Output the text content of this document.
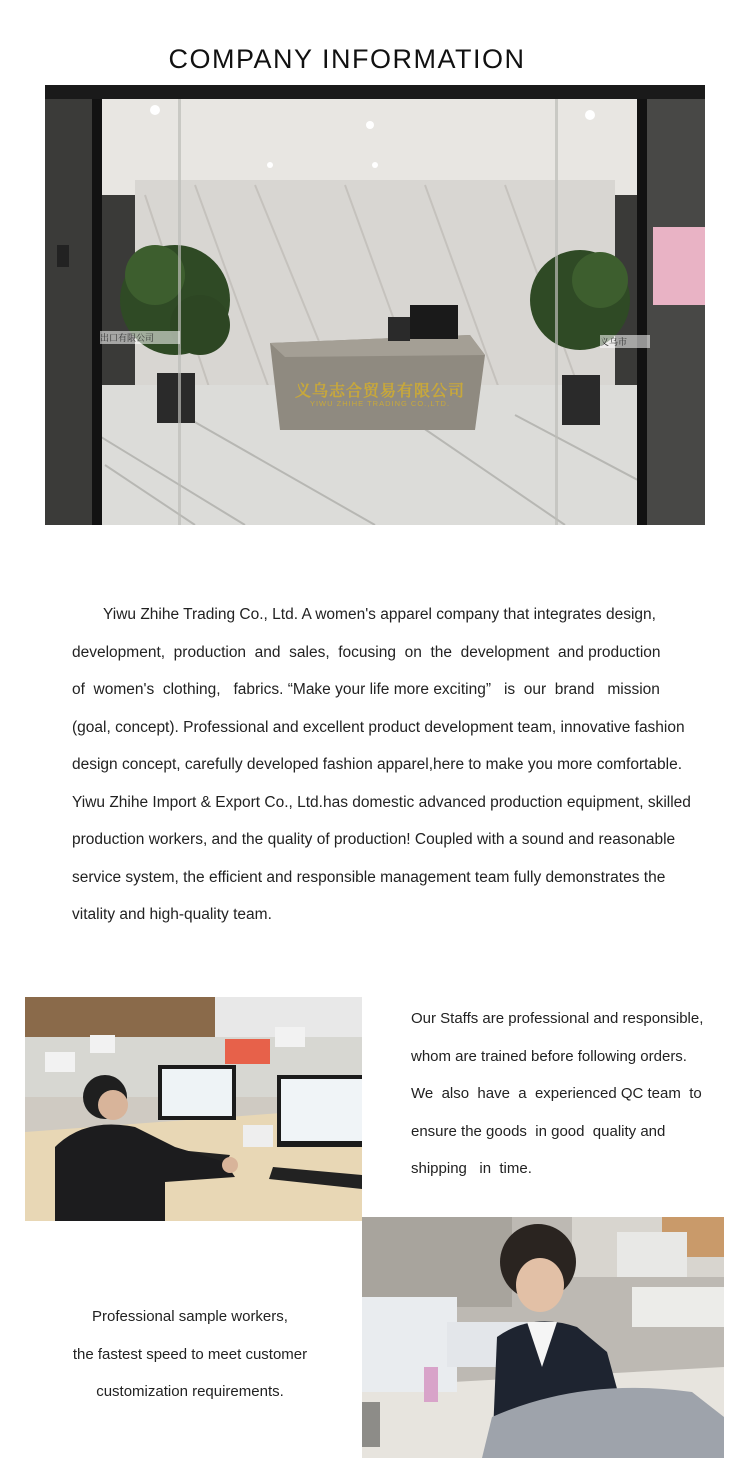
COMPANY INFORMATION
义乌志合贸易有限公司
YIWU ZHIHE TRADING CO.,LTD.
出口有限公司	义乌市
Yiwu Zhihe Trading Co., Ltd. A women's apparel company that integrates design,
development,  production  and  sales,  focusing  on  the  development  and production
of  women's  clothing,   fabrics. “Make your life more exciting”   is  our  brand   mission
(goal, concept). Professional and excellent product development team, innovative fashion
design concept, carefully developed fashion apparel,here to make you more comfortable.
Yiwu Zhihe Import & Export Co., Ltd.has domestic advanced production equipment, skilled
production workers, and the quality of production! Coupled with a sound and reasonable
service system, the efficient and responsible management team fully demonstrates the
vitality and high-quality team.
Our Staffs are professional and responsible,
whom are trained before following orders.
We  also  have  a  experienced QC team  to
ensure the goods  in good  quality and
shipping   in  time.
Professional sample workers,
the fastest speed to meet customer
customization requirements.
